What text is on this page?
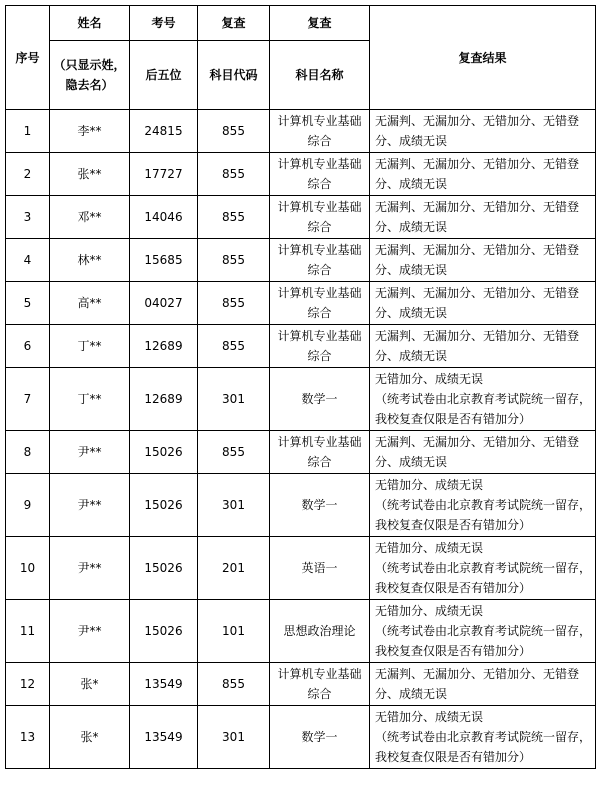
序号	姓名	考号	复查	复查	复查结果
	（只显示姓，隐去名）	后五位	科目代码	科目名称	
1	李**	24815	855	计算机专业基础综合	无漏判、无漏加分、无错加分、无错登分、成绩无误
2	张**	17727	855	计算机专业基础综合	无漏判、无漏加分、无错加分、无错登分、成绩无误
3	邓**	14046	855	计算机专业基础综合	无漏判、无漏加分、无错加分、无错登分、成绩无误
4	林**	15685	855	计算机专业基础综合	无漏判、无漏加分、无错加分、无错登分、成绩无误
5	高**	04027	855	计算机专业基础综合	无漏判、无漏加分、无错加分、无错登分、成绩无误
6	丁**	12689	855	计算机专业基础综合	无漏判、无漏加分、无错加分、无错登分、成绩无误
7	丁**	12689	301	数学一	无错加分、成绩无误
（统考试卷由北京教育考试院统一留存，我校复查仅限是否有错加分）

8	尹**	15026	855	计算机专业基础综合	无漏判、无漏加分、无错加分、无错登分、成绩无误
9	尹**	15026	301	数学一	无错加分、成绩无误
（统考试卷由北京教育考试院统一留存，我校复查仅限是否有错加分）

10	尹**	15026	201	英语一	无错加分、成绩无误
（统考试卷由北京教育考试院统一留存，我校复查仅限是否有错加分）

11	尹**	15026	101	思想政治理论	无错加分、成绩无误
（统考试卷由北京教育考试院统一留存，我校复查仅限是否有错加分）

12	张*	13549	855	计算机专业基础综合	无漏判、无漏加分、无错加分、无错登分、成绩无误
13	张*	13549	301	数学一	无错加分、成绩无误
（统考试卷由北京教育考试院统一留存，我校复查仅限是否有错加分）
